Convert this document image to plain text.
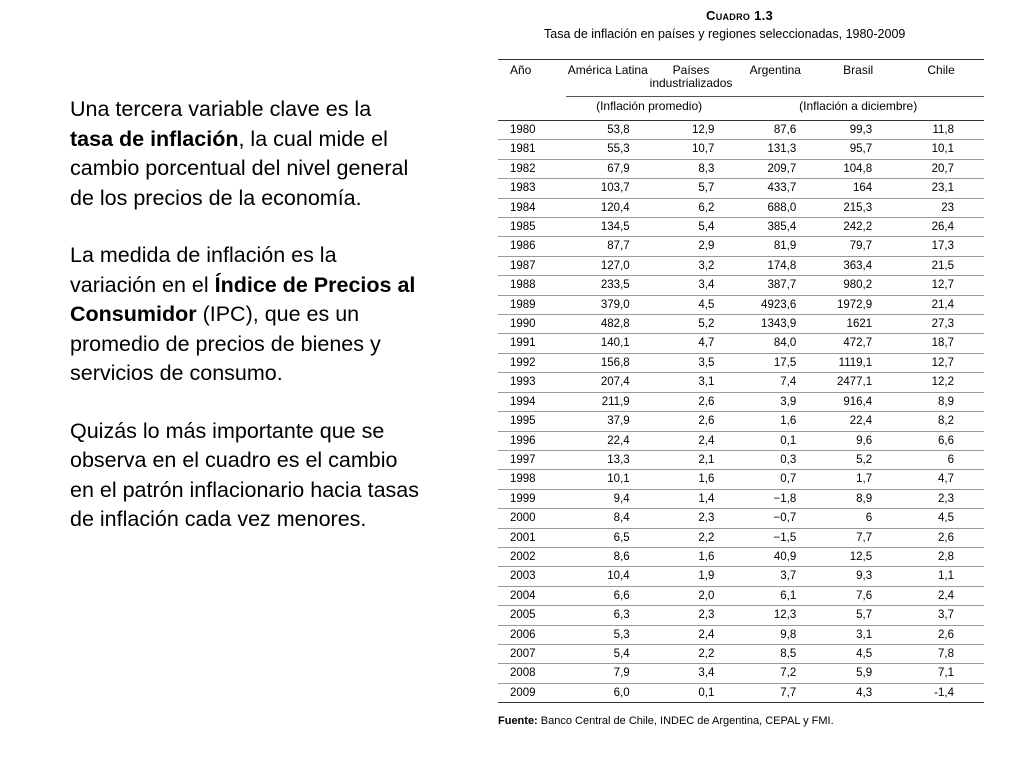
Una tercera variable clave es la tasa de inflación, la cual mide el cambio porcentual del nivel general de los precios de la economía.

La medida de inflación es la variación en el Índice de Precios al Consumidor (IPC), que es un promedio de precios de bienes y servicios de consumo.

Quizás lo más importante que se observa en el cuadro es el cambio en el patrón inflacionario hacia tasas de inflación cada vez menores.

Cuadro 1.3
Tasa de inflación en países y regiones seleccionadas, 1980-2009
Año	América Latina	Países industrializados	Argentina	Brasil	Chile
	(Inflación promedio)		(Inflación a diciembre)		
1980	53,8	12,9	87,6	99,3	11,8
1981	55,3	10,7	131,3	95,7	10,1
1982	67,9	8,3	209,7	104,8	20,7
1983	103,7	5,7	433,7	164	23,1
1984	120,4	6,2	688,0	215,3	23
1985	134,5	5,4	385,4	242,2	26,4
1986	87,7	2,9	81,9	79,7	17,3
1987	127,0	3,2	174,8	363,4	21,5
1988	233,5	3,4	387,7	980,2	12,7
1989	379,0	4,5	4923,6	1972,9	21,4
1990	482,8	5,2	1343,9	1621	27,3
1991	140,1	4,7	84,0	472,7	18,7
1992	156,8	3,5	17,5	1119,1	12,7
1993	207,4	3,1	7,4	2477,1	12,2
1994	211,9	2,6	3,9	916,4	8,9
1995	37,9	2,6	1,6	22,4	8,2
1996	22,4	2,4	0,1	9,6	6,6
1997	13,3	2,1	0,3	5,2	6
1998	10,1	1,6	0,7	1,7	4,7
1999	9,4	1,4	−1,8	8,9	2,3
2000	8,4	2,3	−0,7	6	4,5
2001	6,5	2,2	−1,5	7,7	2,6
2002	8,6	1,6	40,9	12,5	2,8
2003	10,4	1,9	3,7	9,3	1,1
2004	6,6	2,0	6,1	7,6	2,4
2005	6,3	2,3	12,3	5,7	3,7
2006	5,3	2,4	9,8	3,1	2,6
2007	5,4	2,2	8,5	4,5	7,8
2008	7,9	3,4	7,2	5,9	7,1
2009	6,0	0,1	7,7	4,3	-1,4
Fuente: Banco Central de Chile, INDEC de Argentina, CEPAL y FMI.
